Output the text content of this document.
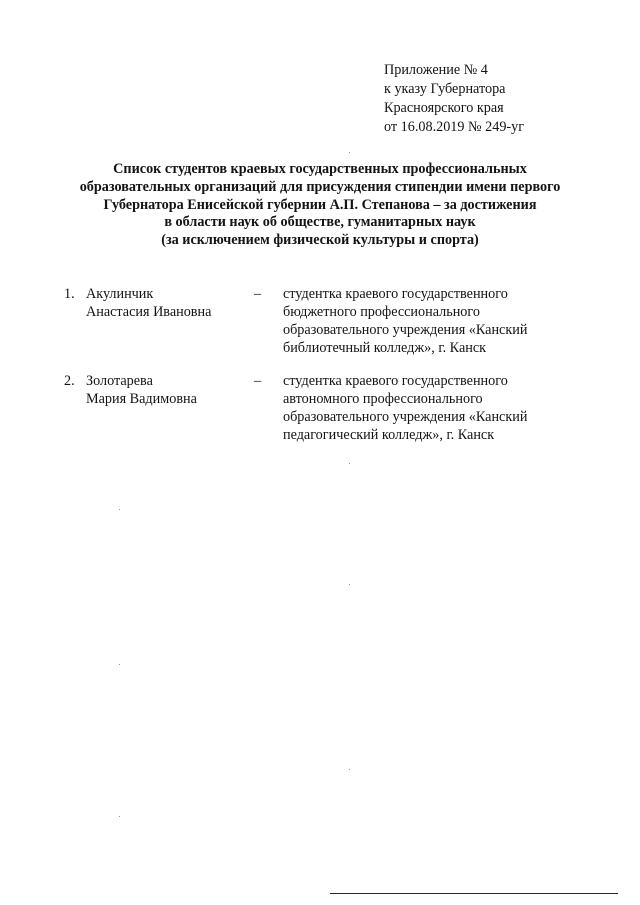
Приложение № 4
к указу Губернатора
Красноярского края
от 16.08.2019 № 249-уг
Список студентов краевых государственных профессиональных
образовательных организаций для присуждения стипендии имени первого
Губернатора Енисейской губернии А.П. Степанова – за достижения
в области наук об обществе, гуманитарных наук
(за исключением физической культуры и спорта)
1. Акулинчик
Анастасия Ивановна
– студентка краевого государственного
бюджетного профессионального
образовательного учреждения «Канский
библиотечный колледж», г. Канск
2. Золотарева
Мария Вадимовна
– студентка краевого государственного
автономного профессионального
образовательного учреждения «Канский
педагогический колледж», г. Канск
